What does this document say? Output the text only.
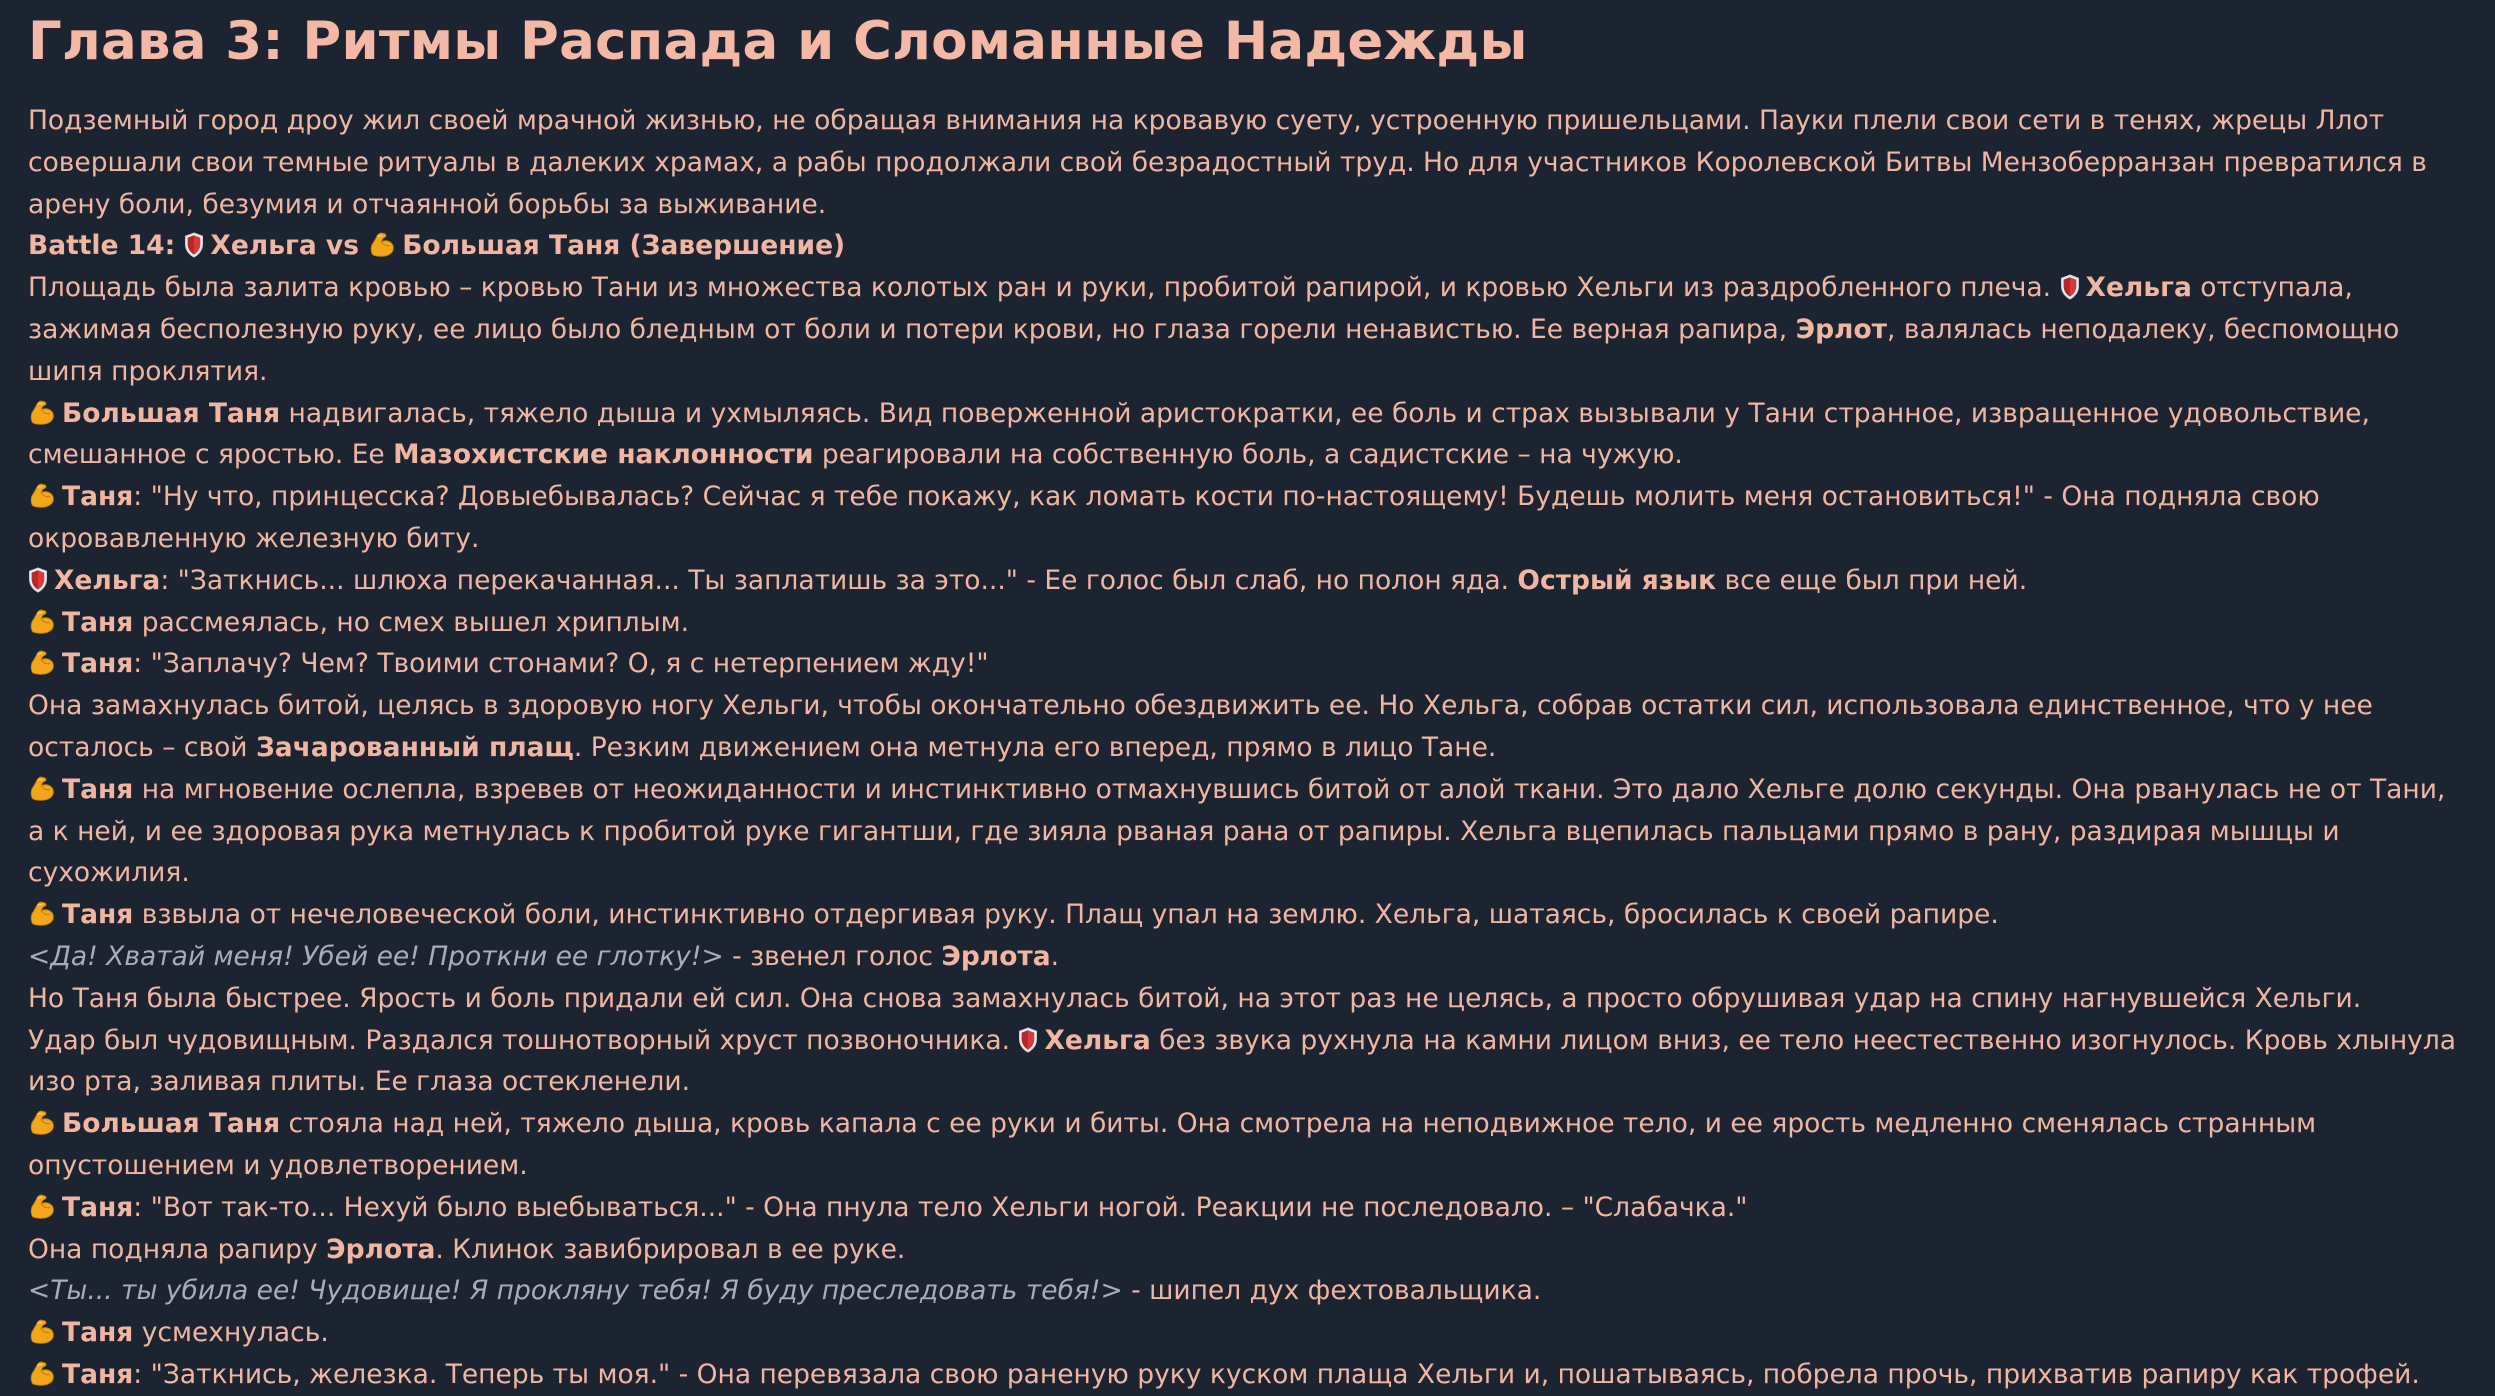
Глава 3: Ритмы Распада и Сломанные Надежды
Подземный город дроу жил своей мрачной жизнью, не обращая внимания на кровавую суету, устроенную пришельцами. Пауки плели свои сети в тенях, жрецы Ллот совершали свои темные ритуалы в далеких храмах, а рабы продолжали свой безрадостный труд. Но для участников Королевской Битвы Мензоберранзан превратился в арену боли, безумия и отчаянной борьбы за выживание.
Battle 14:
Хельга vs
Большая Таня (Завершение)
Площадь была залита кровью – кровью Тани из множества колотых ран и руки, пробитой рапирой, и кровью Хельги из раздробленного плеча.
Хельга отступала, зажимая бесполезную руку, ее лицо было бледным от боли и потери крови, но глаза горели ненавистью. Ее верная рапира, Эрлот, валялась неподалеку, беспомощно шипя проклятия.
Большая Таня надвигалась, тяжело дыша и ухмыляясь. Вид поверженной аристократки, ее боль и страх вызывали у Тани странное, извращенное удовольствие, смешанное с яростью. Ее Мазохистские наклонности реагировали на собственную боль, а садистские – на чужую.
Таня: "Ну что, принцесска? Довыебывалась? Сейчас я тебе покажу, как ломать кости по-настоящему! Будешь молить меня остановиться!" - Она подняла свою окровавленную железную биту.
Хельга: "Заткнись... шлюха перекачанная... Ты заплатишь за это..." - Ее голос был слаб, но полон яда. Острый язык все еще был при ней.
Таня рассмеялась, но смех вышел хриплым.
Таня: "Заплачу? Чем? Твоими стонами? О, я с нетерпением жду!"
Она замахнулась битой, целясь в здоровую ногу Хельги, чтобы окончательно обездвижить ее. Но Хельга, собрав остатки сил, использовала единственное, что у нее осталось – свой Зачарованный плащ. Резким движением она метнула его вперед, прямо в лицо Тане.
Таня на мгновение ослепла, взревев от неожиданности и инстинктивно отмахнувшись битой от алой ткани. Это дало Хельге долю секунды. Она рванулась не от Тани, а к ней, и ее здоровая рука метнулась к пробитой руке гигантши, где зияла рваная рана от рапиры. Хельга вцепилась пальцами прямо в рану, раздирая мышцы и сухожилия.
Таня взвыла от нечеловеческой боли, инстинктивно отдергивая руку. Плащ упал на землю. Хельга, шатаясь, бросилась к своей рапире.
<Да! Хватай меня! Убей ее! Проткни ее глотку!> - звенел голос Эрлота.
Но Таня была быстрее. Ярость и боль придали ей сил. Она снова замахнулась битой, на этот раз не целясь, а просто обрушивая удар на спину нагнувшейся Хельги.
Удар был чудовищным. Раздался тошнотворный хруст позвоночника.
Хельга без звука рухнула на камни лицом вниз, ее тело неестественно изогнулось. Кровь хлынула изо рта, заливая плиты. Ее глаза остекленели.
Большая Таня стояла над ней, тяжело дыша, кровь капала с ее руки и биты. Она смотрела на неподвижное тело, и ее ярость медленно сменялась странным опустошением и удовлетворением.
Таня: "Вот так-то... Нехуй было выебываться..." - Она пнула тело Хельги ногой. Реакции не последовало. – "Слабачка."
Она подняла рапиру Эрлота. Клинок завибрировал в ее руке.
<Ты... ты убила ее! Чудовище! Я прокляну тебя! Я буду преследовать тебя!> - шипел дух фехтовальщика.
Таня усмехнулась.
Таня: "Заткнись, железка. Теперь ты моя." - Она перевязала свою раненую руку куском плаща Хельги и, пошатываясь, побрела прочь, прихватив рапиру как трофей.
